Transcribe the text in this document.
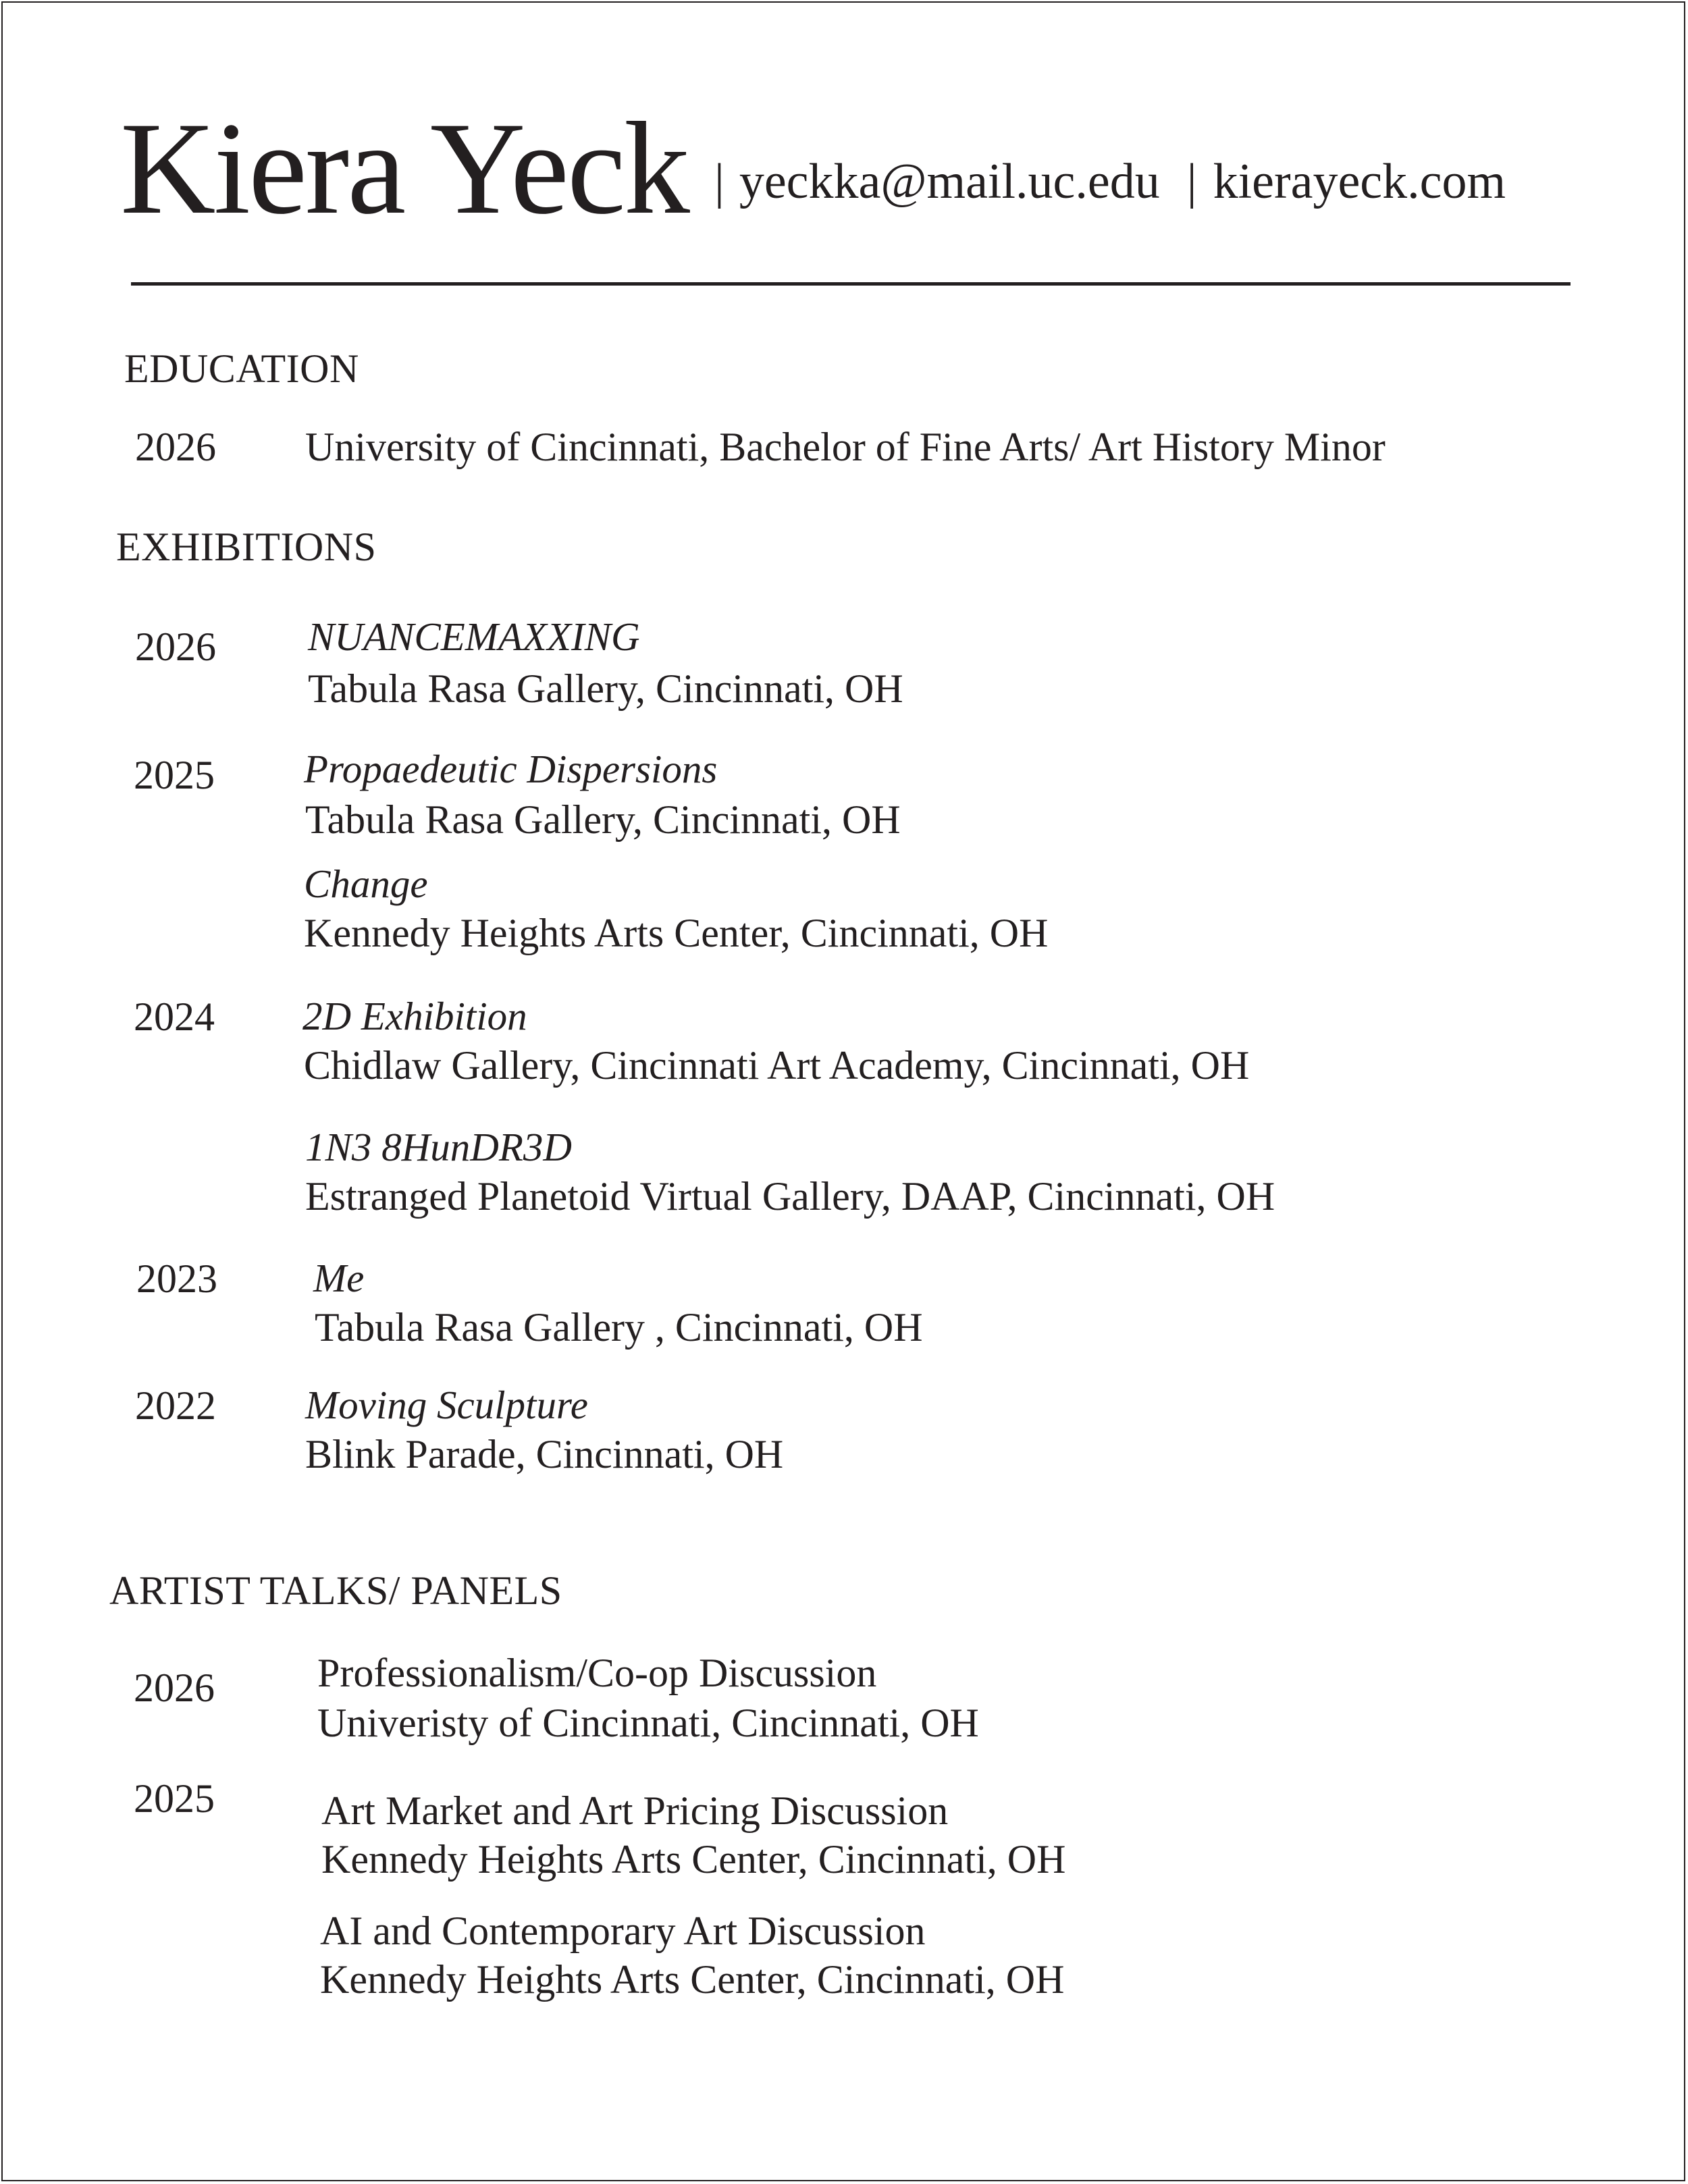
Kiera Yeck | yeckka@mail.uc.edu | kierayeck.com
EDUCATION
2026 University of Cincinnati, Bachelor of Fine Arts/ Art History Minor
EXHIBITIONS
2026 NUANCEMAXXING
Tabula Rasa Gallery, Cincinnati, OH
2025 Propaedeutic Dispersions
Tabula Rasa Gallery, Cincinnati, OH
Change
Kennedy Heights Arts Center, Cincinnati, OH
2024 2D Exhibition
Chidlaw Gallery, Cincinnati Art Academy, Cincinnati, OH
1N3 8HunDR3D
Estranged Planetoid Virtual Gallery, DAAP, Cincinnati, OH
2023 Me
Tabula Rasa Gallery , Cincinnati, OH
2022 Moving Sculpture
Blink Parade, Cincinnati, OH
ARTIST TALKS/ PANELS
2026	Professionalism/Co-op Discussion
Univeristy of Cincinnati, Cincinnati, OH
2025	Art Market and Art Pricing Discussion
Kennedy Heights Arts Center, Cincinnati, OH
AI and Contemporary Art Discussion
Kennedy Heights Arts Center, Cincinnati, OH
